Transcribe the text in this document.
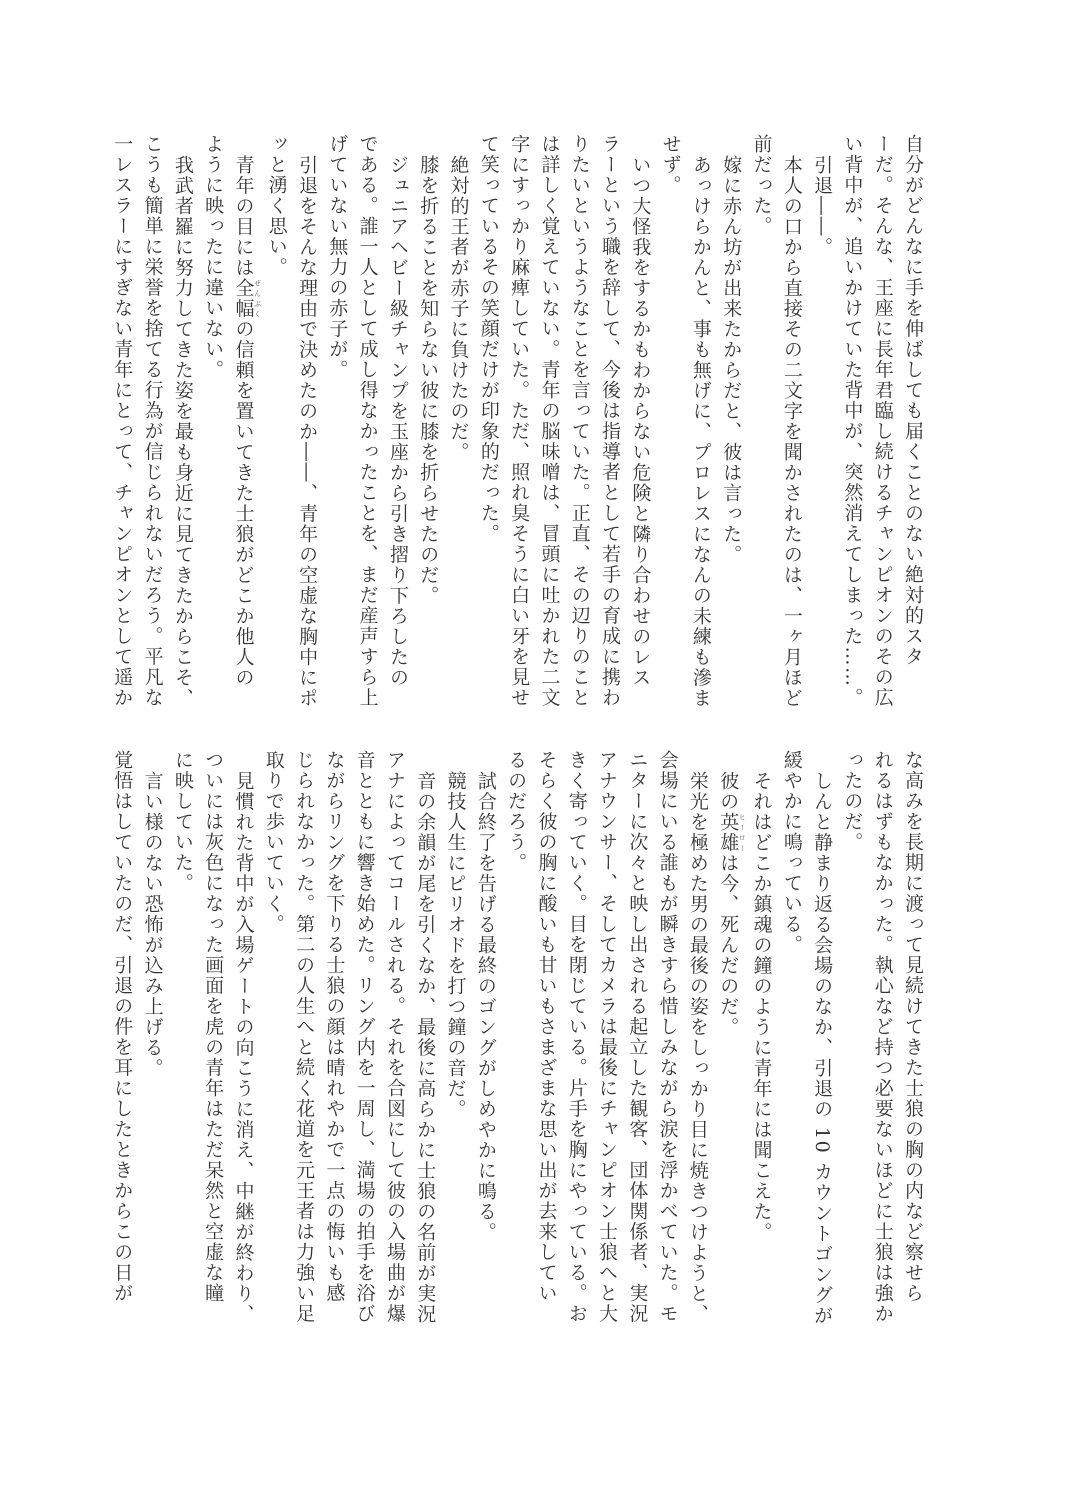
自分がどんなに手を伸ばしても届くことのない絶対的スタ
ーだ。そんな、王座に長年君臨し続けるチャンピオンのその広
い背中が、追いかけていた背中が、突然消えてしまった……。
引退――。
本人の口から直接その二文字を聞かされたのは、一ヶ月ほど
前だった。
嫁に赤ん坊が出来たからだと、彼は言った。
あっけらかんと、事も無げに、プロレスになんの未練も滲ま
せず。
いつ大怪我をするかもわからない危険と隣り合わせのレス
ラーという職を辞して、今後は指導者として若手の育成に携わ
りたいというようなことを言っていた。正直、その辺りのこと
は詳しく覚えていない。青年の脳味噌は、冒頭に吐かれた二文
字にすっかり麻痺していた。ただ、照れ臭そうに白い牙を見せ
て笑っているその笑顔だけが印象的だった。
絶対的王者が赤子に負けたのだ。
膝を折ることを知らない彼に膝を折らせたのだ。
ジュニアヘビー級チャンプを玉座から引き摺り下ろしたの
である。誰一人として成し得なかったことを、まだ産声すら上
げていない無力の赤子が。
引退をそんな理由で決めたのか――、青年の空虚な胸中にポ
ッと湧く思い。
青年の目には全幅 ぜんぷくの信頼を置いてきた士狼がどこか他人の
ように映ったに違いない。
我武者羅に努力してきた姿を最も身近に見てきたからこそ、
こうも簡単に栄誉を捨てる行為が信じられないだろう。平凡な
一レスラーにすぎない青年にとって、チャンピオンとして遥か
な高みを長期に渡って見続けてきた士狼の胸の内など察せら
れるはずもなかった。執心など持つ必要ないほどに士狼は強か
ったのだ。
しんと静まり返る会場のなか、引退の 10 カウントゴングが
緩やかに鳴っている。
それはどこか鎮魂の鐘のように青年には聞こえた。
彼の英雄 ヒーローは今、死んだのだ。
栄光を極めた男の最後の姿をしっかり目に焼きつけようと、
会場にいる誰もが瞬きすら惜しみながら涙を浮かべていた。モ
ニターに次々と映し出される起立した観客、団体関係者、実況
アナウンサー、そしてカメラは最後にチャンピオン士狼へと大
きく寄っていく。目を閉じている。片手を胸にやっている。お
そらく彼の胸に酸いも甘いもさまざまな思い出が去来してい
るのだろう。
試合終了を告げる最終のゴングがしめやかに鳴る。
競技人生にピリオドを打つ鐘の音だ。
音の余韻が尾を引くなか、最後に高らかに士狼の名前が実況
アナによってコールされる。それを合図にして彼の入場曲が爆
音とともに響き始めた。リング内を一周し、満場の拍手を浴び
ながらリングを下りる士狼の顔は晴れやかで一点の悔いも感
じられなかった。第二の人生へと続く花道を元王者は力強い足
取りで歩いていく。
見慣れた背中が入場ゲートの向こうに消え、中継が終わり、
ついには灰色になった画面を虎の青年はただ呆然と空虚な瞳
に映していた。
言い様のない恐怖が込み上げる。
覚悟はしていたのだ、引退の件を耳にしたときからこの日が
